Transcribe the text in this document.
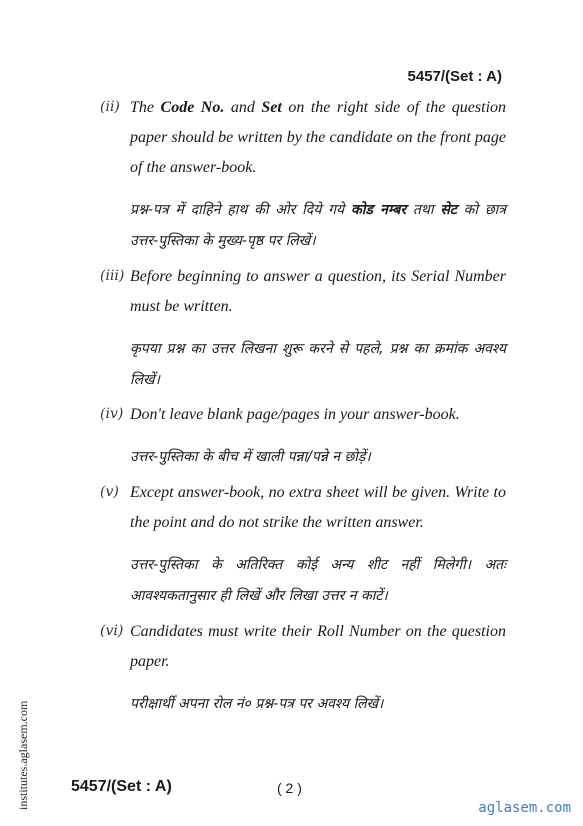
5457/(Set : A)
(ii) The Code No. and Set on the right side of the question paper should be written by the candidate on the front page of the answer-book.
प्रश्न-पत्र में दाहिने हाथ की ओर दिये गये कोड नम्बर तथा सेट को छात्र उत्तर-पुस्तिका के मुख्य-पृष्ठ पर लिखें।
(iii) Before beginning to answer a question, its Serial Number must be written.
कृपया प्रश्न का उत्तर लिखना शुरू करने से पहले, प्रश्न का क्रमांक अवश्य लिखें।
(iv) Don't leave blank page/pages in your answer-book.
उत्तर-पुस्तिका के बीच में खाली पन्ना/पन्ने न छोड़ें।
(v) Except answer-book, no extra sheet will be given. Write to the point and do not strike the written answer.
उत्तर-पुस्तिका के अतिरिक्त कोई अन्य शीट नहीं मिलेगी। अतः आवश्यकतानुसार ही लिखें और लिखा उत्तर न काटें।
(vi) Candidates must write their Roll Number on the question paper.
परीक्षार्थी अपना रोल नं० प्रश्न-पत्र पर अवश्य लिखें।
institutes.aglasem.com	5457/(Set : A)	( 2 )
aglasem.com
